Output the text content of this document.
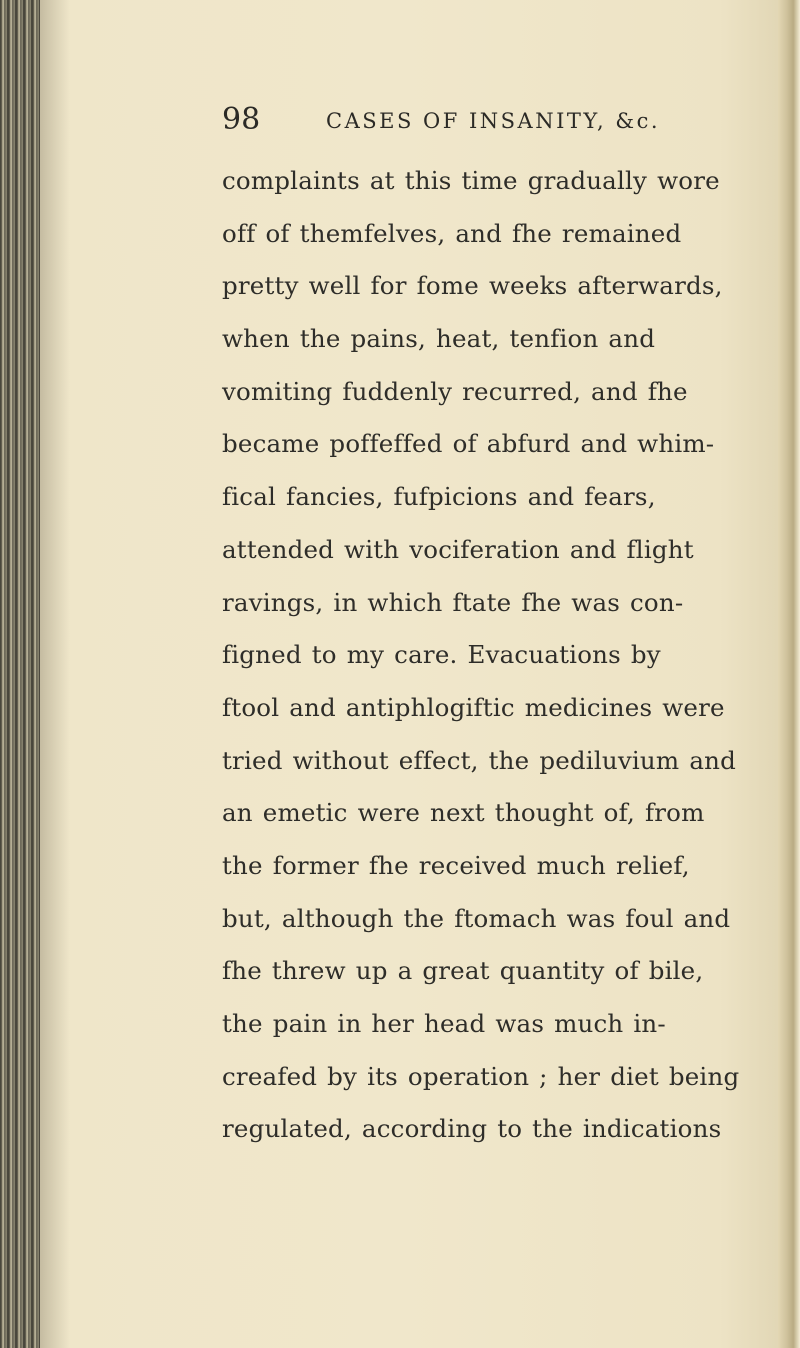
98	CASES OF INSANITY, &c.
complaints at this time gradually wore
off of themfelves, and fhe remained
pretty well for fome weeks afterwards,
when the pains, heat, tenfion and
vomiting fuddenly recurred, and fhe
became poffeffed of abfurd and whim-
fical fancies, fufpicions and fears,
attended with vociferation and flight
ravings, in which ftate fhe was con-
figned to my care. Evacuations by
ftool and antiphlogiftic medicines were
tried without effect, the pediluvium and
an emetic were next thought of, from
the former fhe received much relief,
but, although the ftomach was foul and
fhe threw up a great quantity of bile,
the pain in her head was much in-
creafed by its operation ; her diet being
regulated, according to the indications
